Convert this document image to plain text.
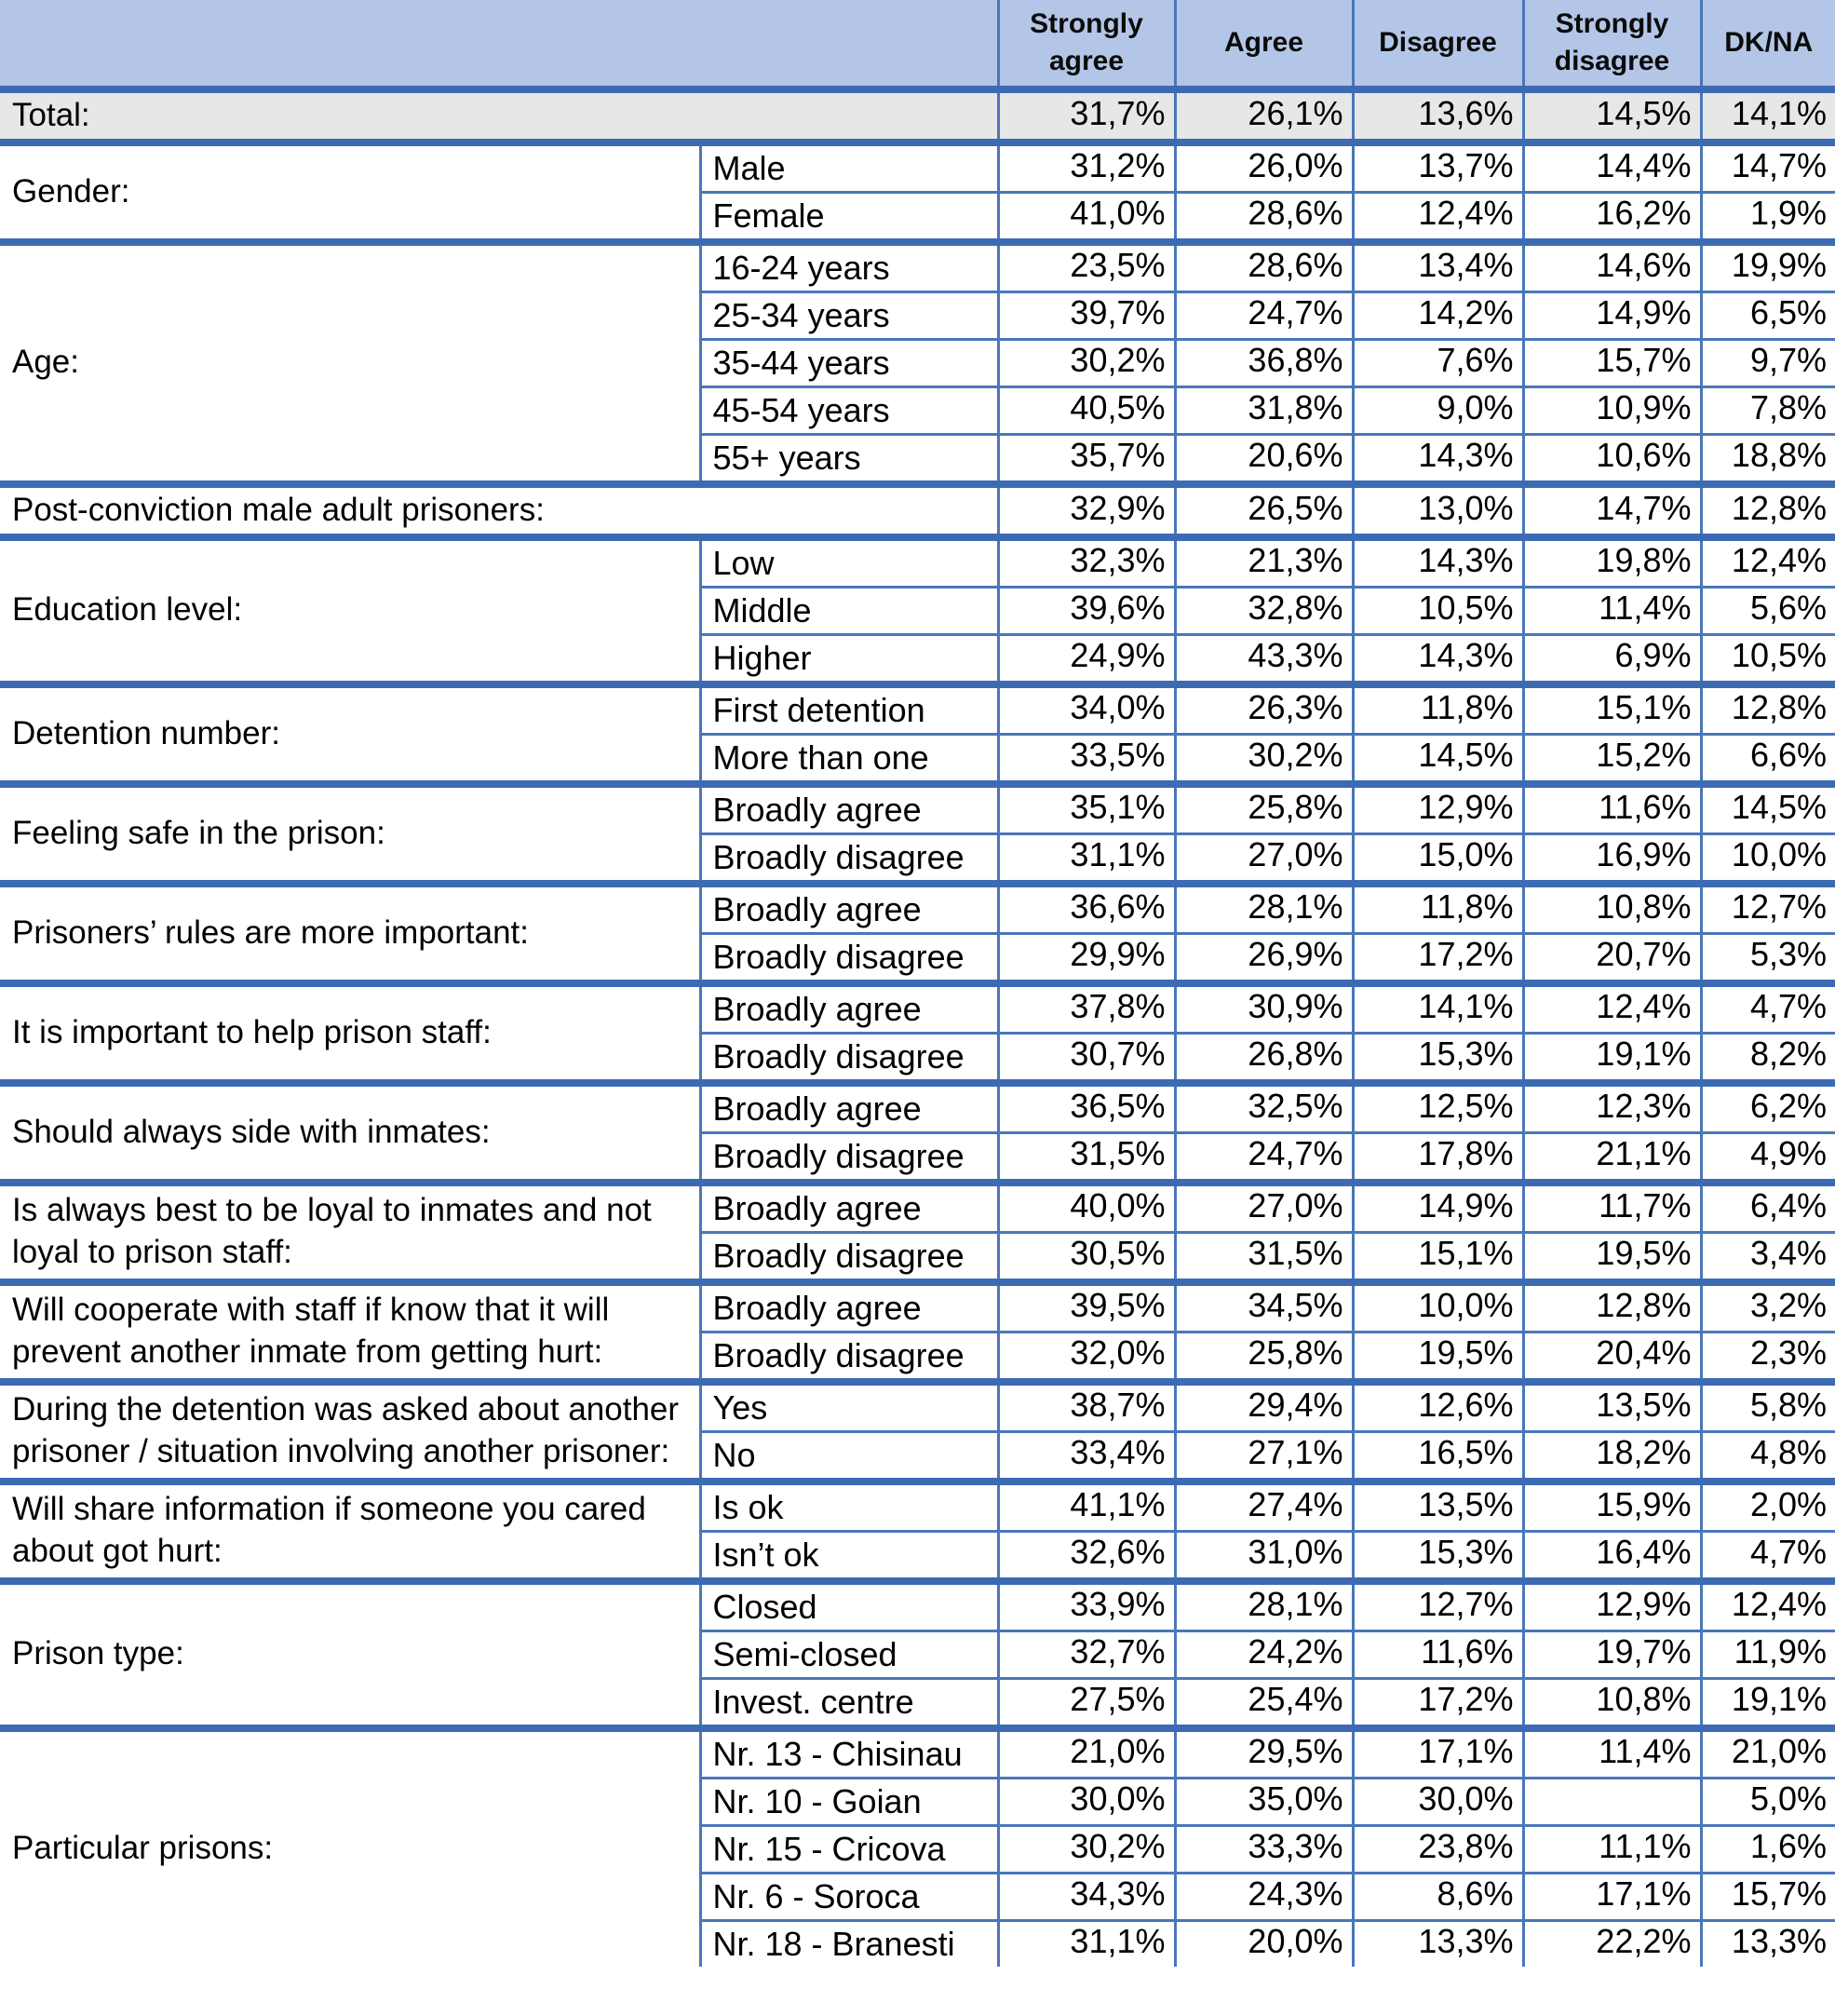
		Strongly agree	Agree	Disagree	Strongly disagree	DK/NA
Total:		31,7%	26,1%	13,6%	14,5%	14,1%
Gender:	Male	31,2%	26,0%	13,7%	14,4%	14,7%
	Female	41,0%	28,6%	12,4%	16,2%	1,9%
Age:	16-24 years	23,5%	28,6%	13,4%	14,6%	19,9%
	25-34 years	39,7%	24,7%	14,2%	14,9%	6,5%
	35-44 years	30,2%	36,8%	7,6%	15,7%	9,7%
	45-54 years	40,5%	31,8%	9,0%	10,9%	7,8%
	55+ years	35,7%	20,6%	14,3%	10,6%	18,8%
Post-conviction male adult prisoners:		32,9%	26,5%	13,0%	14,7%	12,8%
Education level:	Low	32,3%	21,3%	14,3%	19,8%	12,4%
	Middle	39,6%	32,8%	10,5%	11,4%	5,6%
	Higher	24,9%	43,3%	14,3%	6,9%	10,5%
Detention number:	First detention	34,0%	26,3%	11,8%	15,1%	12,8%
	More than one	33,5%	30,2%	14,5%	15,2%	6,6%
Feeling safe in the prison:	Broadly agree	35,1%	25,8%	12,9%	11,6%	14,5%
	Broadly disagree	31,1%	27,0%	15,0%	16,9%	10,0%
Prisoners’ rules are more important:	Broadly agree	36,6%	28,1%	11,8%	10,8%	12,7%
	Broadly disagree	29,9%	26,9%	17,2%	20,7%	5,3%
It is important to help prison staff:	Broadly agree	37,8%	30,9%	14,1%	12,4%	4,7%
	Broadly disagree	30,7%	26,8%	15,3%	19,1%	8,2%
Should always side with inmates:	Broadly agree	36,5%	32,5%	12,5%	12,3%	6,2%
	Broadly disagree	31,5%	24,7%	17,8%	21,1%	4,9%
Is always best to be loyal to inmates and not loyal to prison staff:	Broadly agree	40,0%	27,0%	14,9%	11,7%	6,4%
	Broadly disagree	30,5%	31,5%	15,1%	19,5%	3,4%
Will cooperate with staff if know that it will prevent another inmate from getting hurt:	Broadly agree	39,5%	34,5%	10,0%	12,8%	3,2%
	Broadly disagree	32,0%	25,8%	19,5%	20,4%	2,3%
During the detention was asked about another prisoner / situation involving another prisoner:	Yes	38,7%	29,4%	12,6%	13,5%	5,8%
	No	33,4%	27,1%	16,5%	18,2%	4,8%
Will share information if someone you cared about got hurt:	Is ok	41,1%	27,4%	13,5%	15,9%	2,0%
	Isn’t ok	32,6%	31,0%	15,3%	16,4%	4,7%
Prison type:	Closed	33,9%	28,1%	12,7%	12,9%	12,4%
	Semi-closed	32,7%	24,2%	11,6%	19,7%	11,9%
	Invest. centre	27,5%	25,4%	17,2%	10,8%	19,1%
Particular prisons:	Nr. 13 - Chisinau	21,0%	29,5%	17,1%	11,4%	21,0%
	Nr. 10 - Goian	30,0%	35,0%	30,0%		5,0%
	Nr. 15 - Cricova	30,2%	33,3%	23,8%	11,1%	1,6%
	Nr. 6 - Soroca	34,3%	24,3%	8,6%	17,1%	15,7%
	Nr. 18 - Branesti	31,1%	20,0%	13,3%	22,2%	13,3%
